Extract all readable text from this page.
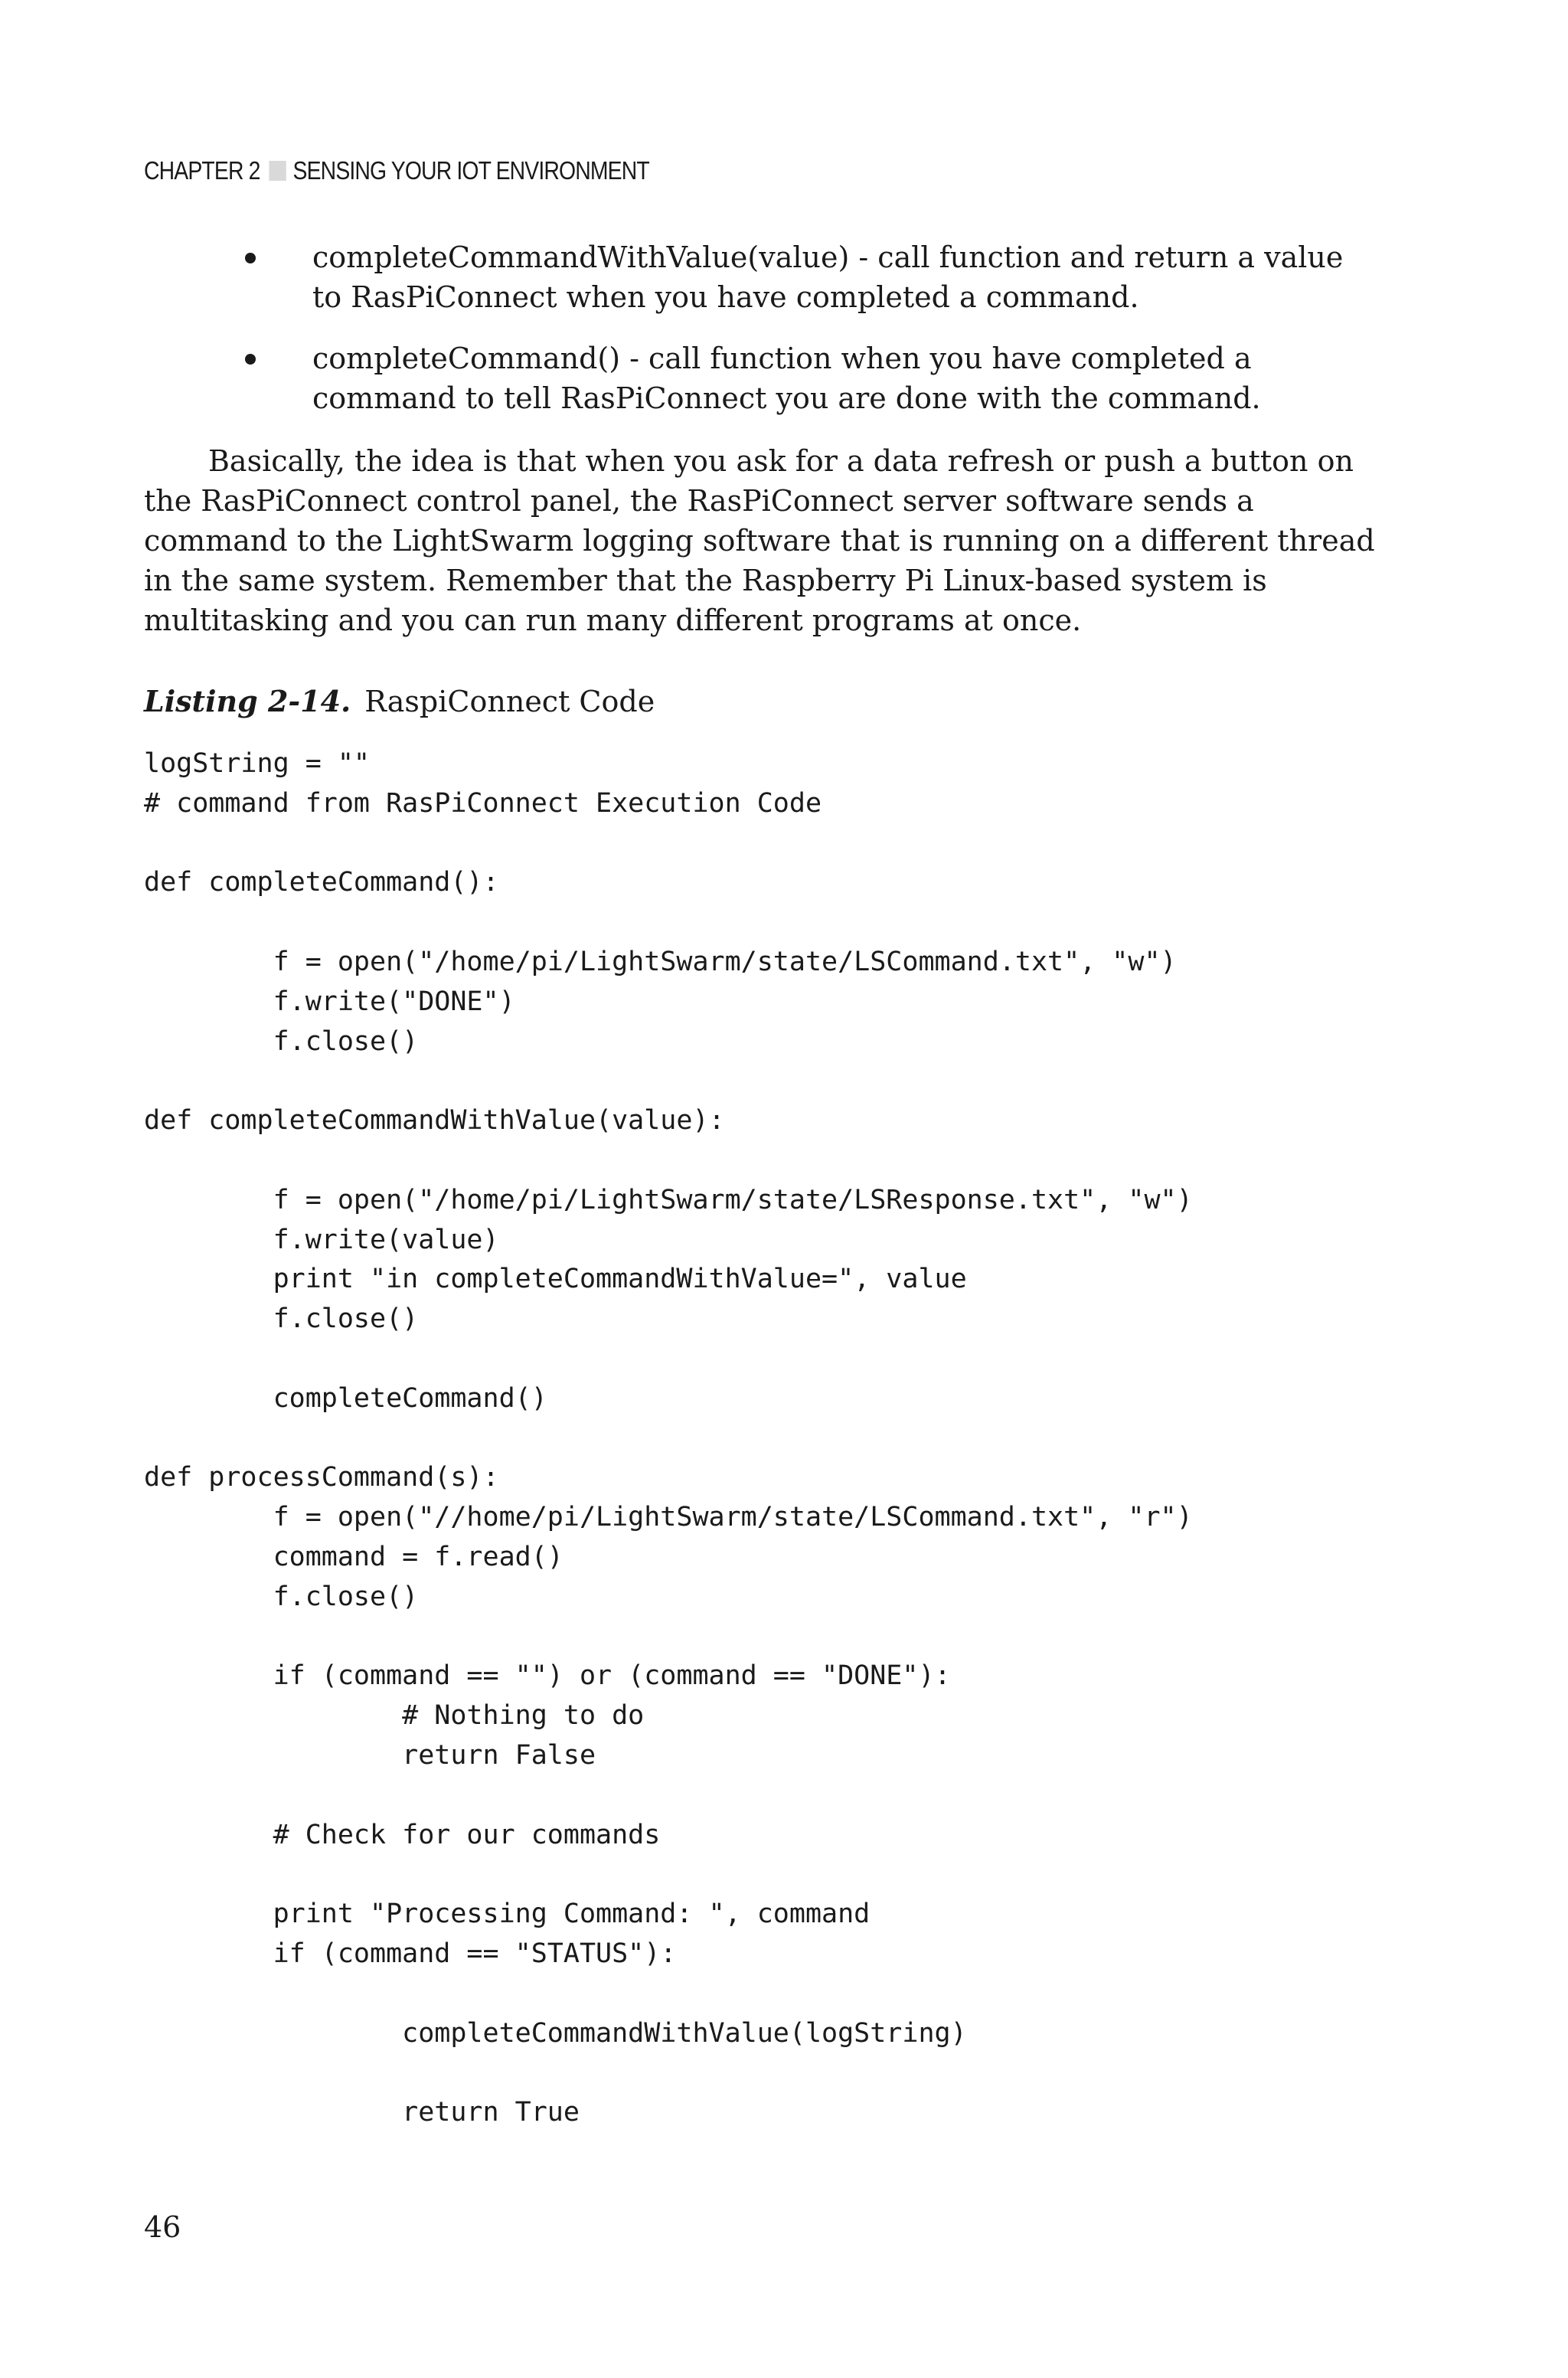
CHAPTER 2 SENSING YOUR IOT ENVIRONMENT
completeCommandWithValue(value) - call function and return a value to RasPiConnect when you have completed a command.
completeCommand() - call function when you have completed a command to tell RasPiConnect you are done with the command.

Basically, the idea is that when you ask for a data refresh or push a button on the RasPiConnect control panel, the RasPiConnect server software sends a command to the LightSwarm logging software that is running on a different thread in the same system. Remember that the Raspberry Pi Linux-based system is multitasking and you can run many different programs at once.

Listing 2-14. RaspiConnect Code

logString = ""
# command from RasPiConnect Execution Code
def completeCommand():
f = open("/home/pi/LightSwarm/state/LSCommand.txt", "w")
f.write("DONE")
f.close()
def completeCommandWithValue(value):
f = open("/home/pi/LightSwarm/state/LSResponse.txt", "w")
f.write(value)
print "in completeCommandWithValue=", value
f.close()
completeCommand()
def processCommand(s):
f = open("//home/pi/LightSwarm/state/LSCommand.txt", "r")
command = f.read()
f.close()
if (command == "") or (command == "DONE"):
# Nothing to do
return False
# Check for our commands
print "Processing Command: ", command
if (command == "STATUS"):
completeCommandWithValue(logString)
return True
46
